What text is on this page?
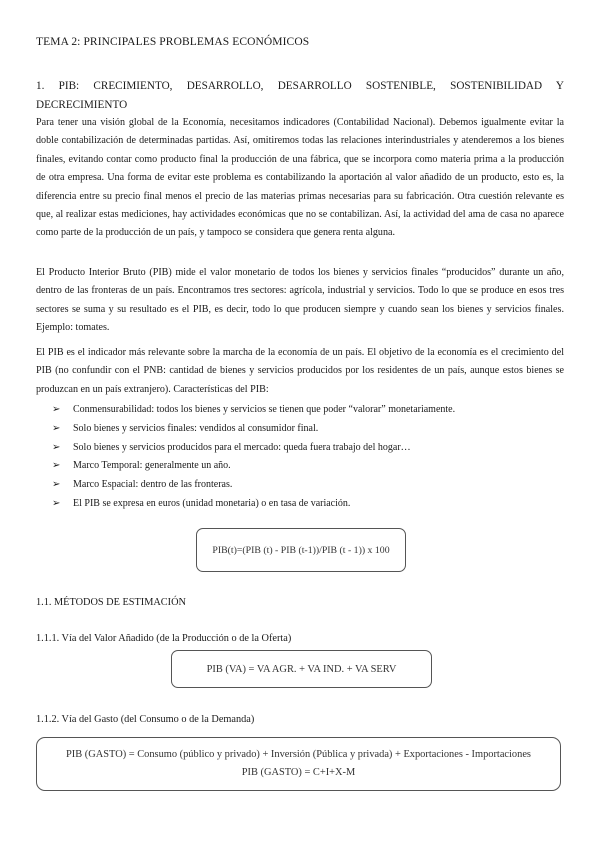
TEMA 2: PRINCIPALES PROBLEMAS ECONÓMICOS
1. PIB: CRECIMIENTO, DESARROLLO, DESARROLLO SOSTENIBLE, SOSTENIBILIDAD Y
DECRECIMIENTO
Para tener una visión global de la Economía, necesitamos indicadores (Contabilidad Nacional). Debemos igualmente evitar la doble contabilización de determinadas partidas. Así, omitiremos todas las relaciones interindustriales y atenderemos a los bienes finales, evitando contar como producto final la producción de una fábrica, que se incorpora como materia prima a la producción de otra empresa. Una forma de evitar este problema es contabilizando la aportación al valor añadido de un producto, esto es, la diferencia entre su precio final menos el precio de las materias primas necesarias para su fabricación. Otra cuestión relevante es que, al realizar estas mediciones, hay actividades económicas que no se contabilizan. Así, la actividad del ama de casa no aparece como parte de la producción de un país, y tampoco se considera que genera renta alguna.
El Producto Interior Bruto (PIB) mide el valor monetario de todos los bienes y servicios finales “producidos” durante un año, dentro de las fronteras de un país. Encontramos tres sectores: agrícola, industrial y servicios. Todo lo que se produce en esos tres sectores se suma y su resultado es el PIB, es decir, todo lo que producen siempre y cuando sean los bienes y servicios finales. Ejemplo: tomates.
El PIB es el indicador más relevante sobre la marcha de la economía de un país. El objetivo de la economía es el crecimiento del PIB (no confundir con el PNB: cantidad de bienes y servicios producidos por los residentes de un país, aunque estos bienes se produzcan en un país extranjero). Características del PIB:
➢ Conmensurabilidad: todos los bienes y servicios se tienen que poder “valorar” monetariamente.
➢ Solo bienes y servicios finales: vendidos al consumidor final.
➢ Solo bienes y servicios producidos para el mercado: queda fuera trabajo del hogar…
➢ Marco Temporal: generalmente un año.
➢ Marco Espacial: dentro de las fronteras.
➢ El PIB se expresa en euros (unidad monetaria) o en tasa de variación.
PIB(t)=(PIB (t) - PIB (t-1))/PIB (t - 1)) x 100
1.1. MÉTODOS DE ESTIMACIÓN
1.1.1. Vía del Valor Añadido (de la Producción o de la Oferta)
PIB (VA) = VA AGR. + VA IND. + VA SERV
1.1.2. Vía del Gasto (del Consumo o de la Demanda)
PIB (GASTO) = Consumo (público y privado) + Inversión (Pública y privada) + Exportaciones - Importaciones
PIB (GASTO) = C+I+X-M
